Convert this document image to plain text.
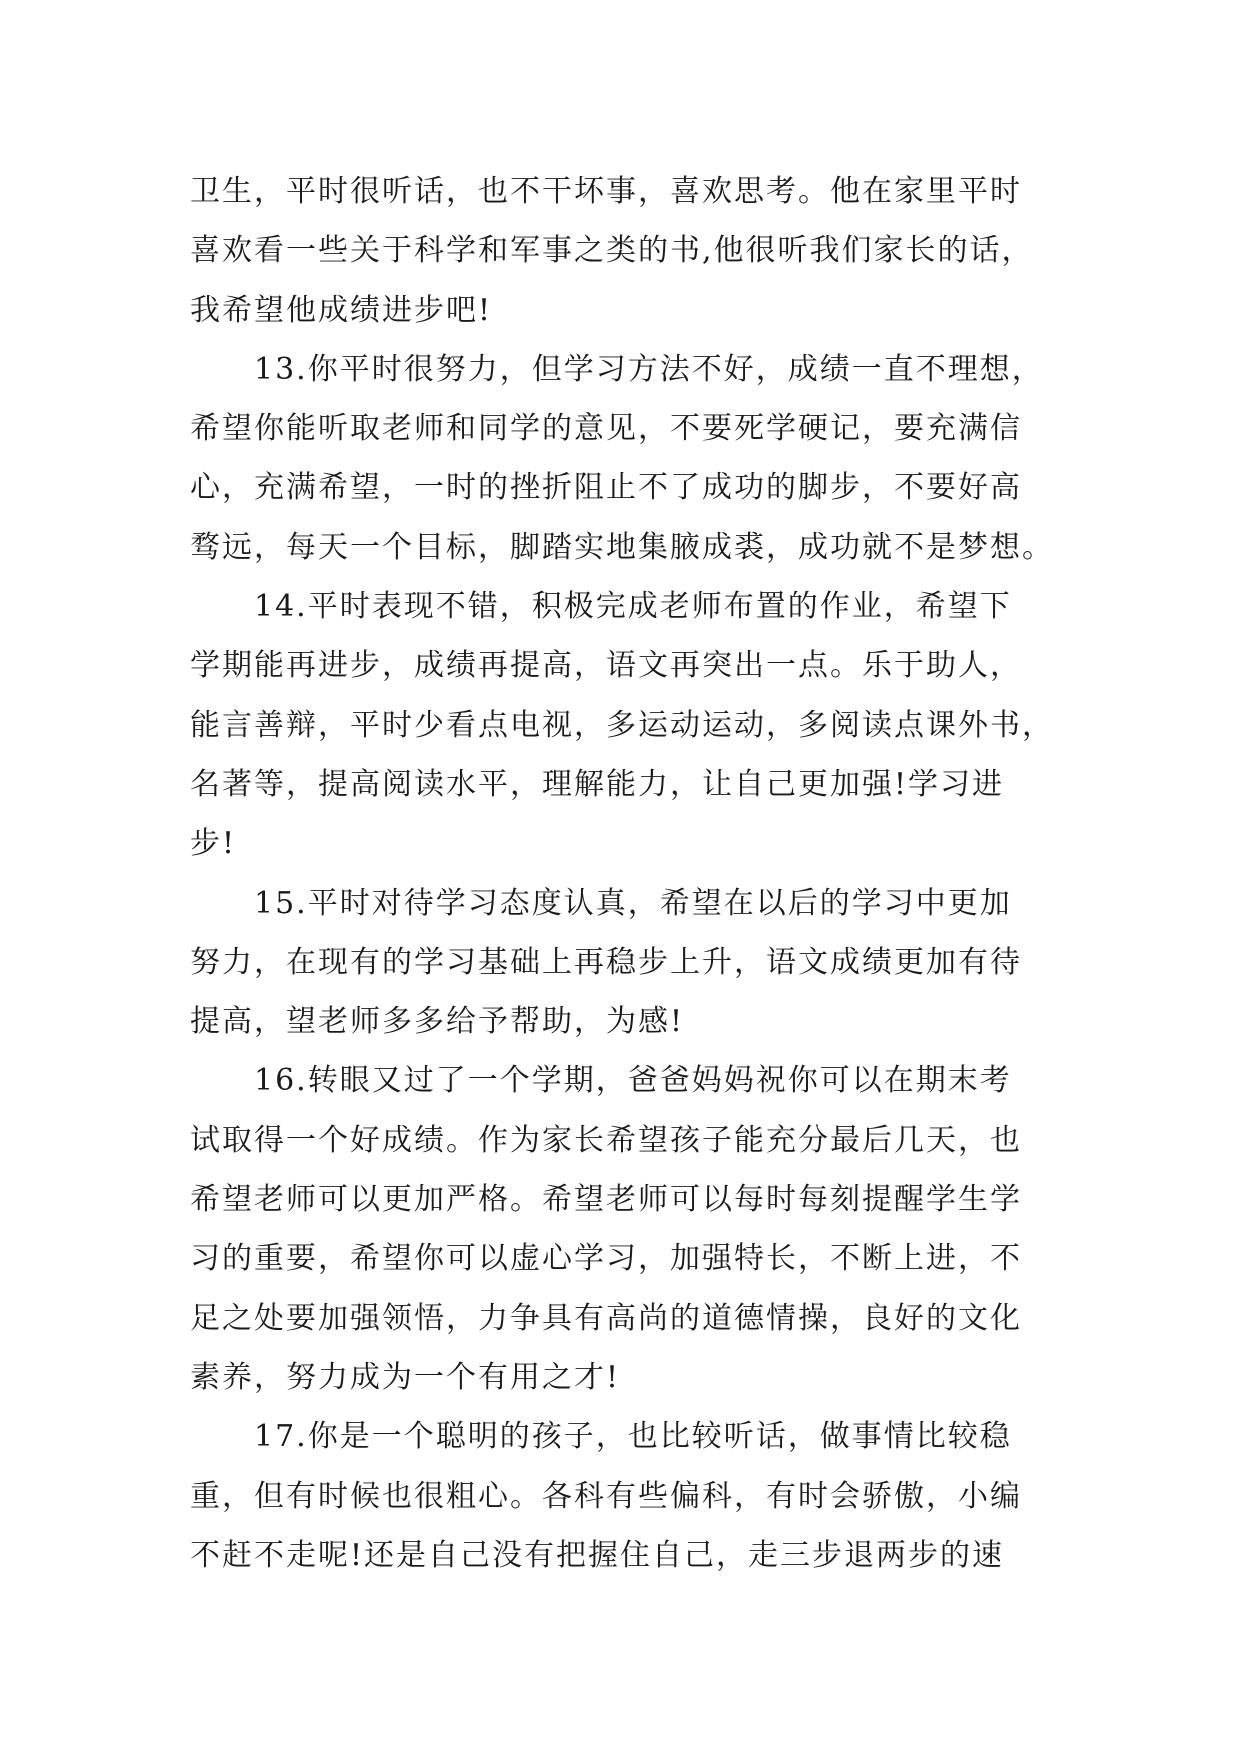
卫生，平时很听话，也不干坏事，喜欢思考。他在家里平时
喜欢看一些关于科学和军事之类的书,他很听我们家长的话，
我希望他成绩进步吧!
13.你平时很努力，但学习方法不好，成绩一直不理想，
希望你能听取老师和同学的意见，不要死学硬记，要充满信
心，充满希望，一时的挫折阻止不了成功的脚步，不要好高
骛远，每天一个目标，脚踏实地集腋成裘，成功就不是梦想。
14.平时表现不错，积极完成老师布置的作业，希望下
学期能再进步，成绩再提高，语文再突出一点。乐于助人，
能言善辩，平时少看点电视，多运动运动，多阅读点课外书，
名著等，提高阅读水平，理解能力，让自己更加强!学习进
步!
15.平时对待学习态度认真，希望在以后的学习中更加
努力，在现有的学习基础上再稳步上升，语文成绩更加有待
提高，望老师多多给予帮助，为感!
16.转眼又过了一个学期，爸爸妈妈祝你可以在期末考
试取得一个好成绩。作为家长希望孩子能充分最后几天，也
希望老师可以更加严格。希望老师可以每时每刻提醒学生学
习的重要，希望你可以虚心学习，加强特长，不断上进，不
足之处要加强领悟，力争具有高尚的道德情操，良好的文化
素养，努力成为一个有用之才!
17.你是一个聪明的孩子，也比较听话，做事情比较稳
重，但有时候也很粗心。各科有些偏科，有时会骄傲，小编
不赶不走呢!还是自己没有把握住自己，走三步退两步的速
